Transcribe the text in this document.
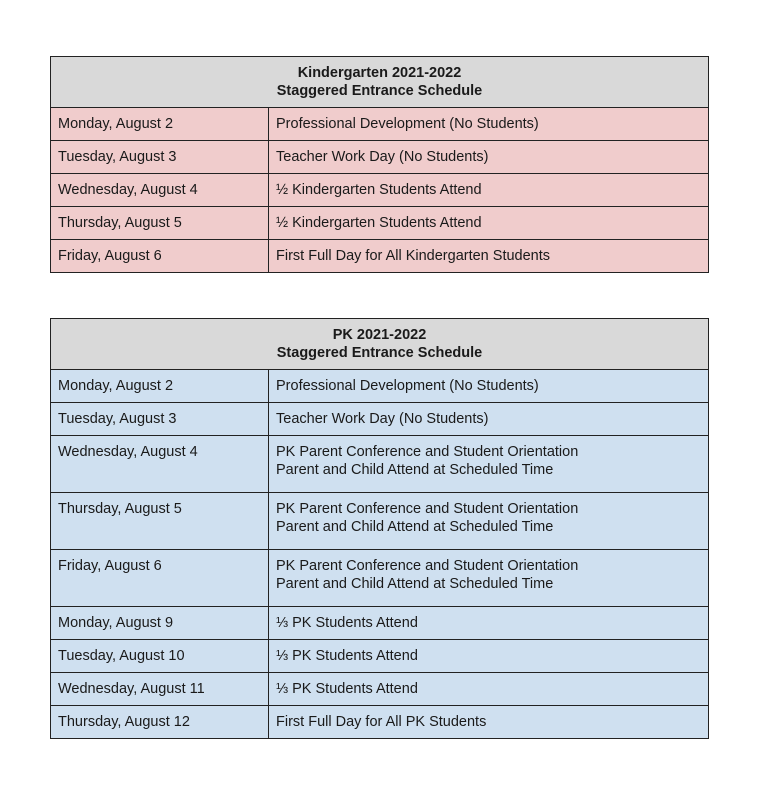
Kindergarten 2021-2022
Staggered Entrance Schedule	

Monday, August 2	Professional Development (No Students)
Tuesday, August 3	Teacher Work Day (No Students)
Wednesday, August 4	½ Kindergarten Students Attend
Thursday, August 5	½ Kindergarten Students Attend
Friday, August 6	First Full Day for All Kindergarten Students
PK 2021-2022
Staggered Entrance Schedule	

Monday, August 2	Professional Development (No Students)
Tuesday, August 3	Teacher Work Day (No Students)
Wednesday, August 4	PK Parent Conference and Student Orientation
Parent and Child Attend at Scheduled Time

Thursday, August 5	PK Parent Conference and Student Orientation
Parent and Child Attend at Scheduled Time

Friday, August 6	PK Parent Conference and Student Orientation
Parent and Child Attend at Scheduled Time

Monday, August 9	⅓ PK Students Attend
Tuesday, August 10	⅓ PK Students Attend
Wednesday, August 11	⅓ PK Students Attend
Thursday, August 12	First Full Day for All PK Students
